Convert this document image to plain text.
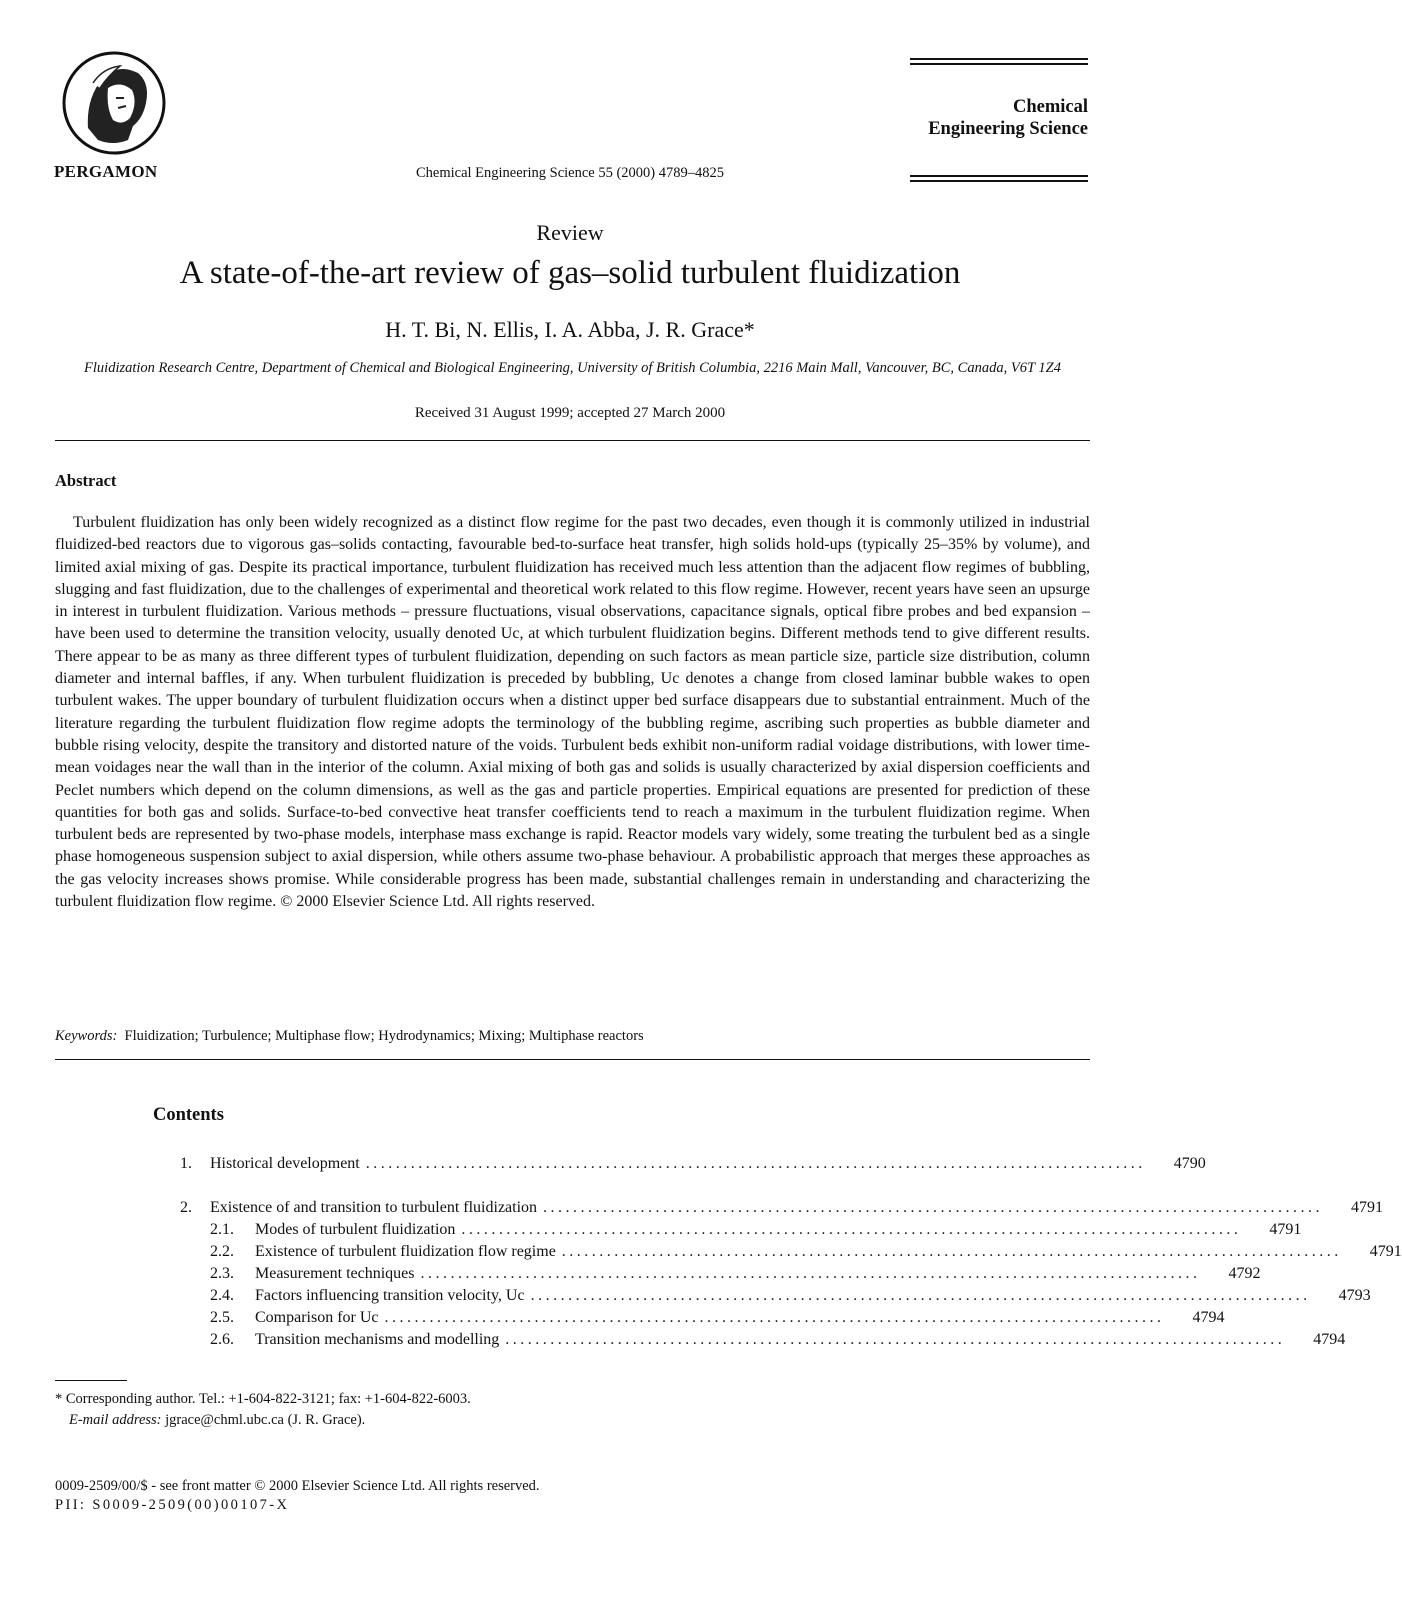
PERGAMON	Chemical Engineering Science 55 (2000) 4789–4825
Chemical
Engineering Science
Review
A state-of-the-art review of gas–solid turbulent fluidization
H. T. Bi, N. Ellis, I. A. Abba, J. R. Grace*
Fluidization Research Centre, Department of Chemical and Biological Engineering, University of British Columbia, 2216 Main Mall, Vancouver, BC, Canada, V6T 1Z4
Received 31 August 1999; accepted 27 March 2000
Abstract
Turbulent fluidization has only been widely recognized as a distinct flow regime for the past two decades, even though it is commonly utilized in industrial fluidized-bed reactors due to vigorous gas–solids contacting, favourable bed-to-surface heat transfer, high solids hold-ups (typically 25–35% by volume), and limited axial mixing of gas. Despite its practical importance, turbulent fluidization has received much less attention than the adjacent flow regimes of bubbling, slugging and fast fluidization, due to the challenges of experimental and theoretical work related to this flow regime. However, recent years have seen an upsurge in interest in turbulent fluidization. Various methods – pressure fluctuations, visual observations, capacitance signals, optical fibre probes and bed expansion – have been used to determine the transition velocity, usually denoted Uc, at which turbulent fluidization begins. Different methods tend to give different results. There appear to be as many as three different types of turbulent fluidization, depending on such factors as mean particle size, particle size distribution, column diameter and internal baffles, if any. When turbulent fluidization is preceded by bubbling, Uc denotes a change from closed laminar bubble wakes to open turbulent wakes. The upper boundary of turbulent fluidization occurs when a distinct upper bed surface disappears due to substantial entrainment. Much of the literature regarding the turbulent fluidization flow regime adopts the terminology of the bubbling regime, ascribing such properties as bubble diameter and bubble rising velocity, despite the transitory and distorted nature of the voids. Turbulent beds exhibit non-uniform radial voidage distributions, with lower time-mean voidages near the wall than in the interior of the column. Axial mixing of both gas and solids is usually characterized by axial dispersion coefficients and Peclet numbers which depend on the column dimensions, as well as the gas and particle properties. Empirical equations are presented for prediction of these quantities for both gas and solids. Surface-to-bed convective heat transfer coefficients tend to reach a maximum in the turbulent fluidization regime. When turbulent beds are represented by two-phase models, interphase mass exchange is rapid. Reactor models vary widely, some treating the turbulent bed as a single phase homogeneous suspension subject to axial dispersion, while others assume two-phase behaviour. A probabilistic approach that merges these approaches as the gas velocity increases shows promise. While considerable progress has been made, substantial challenges remain in understanding and characterizing the turbulent fluidization flow regime. © 2000 Elsevier Science Ltd. All rights reserved.
Keywords: Fluidization; Turbulence; Multiphase flow; Hydrodynamics; Mixing; Multiphase reactors
Contents
1.	Historical development ........................................................................................................	4790
2.	Existence of and transition to turbulent fluidization ........................................................................................................	4791
2.1.	Modes of turbulent fluidization ........................................................................................................	4791
2.2.	Existence of turbulent fluidization flow regime ........................................................................................................	4791
2.3.	Measurement techniques ........................................................................................................	4792
2.4.	Factors influencing transition velocity, Uc ........................................................................................................	4793
2.5.	Comparison for Uc ........................................................................................................	4794
2.6.	Transition mechanisms and modelling ........................................................................................................	4794
* Corresponding author. Tel.: +1-604-822-3121; fax: +1-604-822-6003.
E-mail address: jgrace@chml.ubc.ca (J. R. Grace).
0009-2509/00/$ - see front matter © 2000 Elsevier Science Ltd. All rights reserved.
PII: S0009-2509(00)00107-X
